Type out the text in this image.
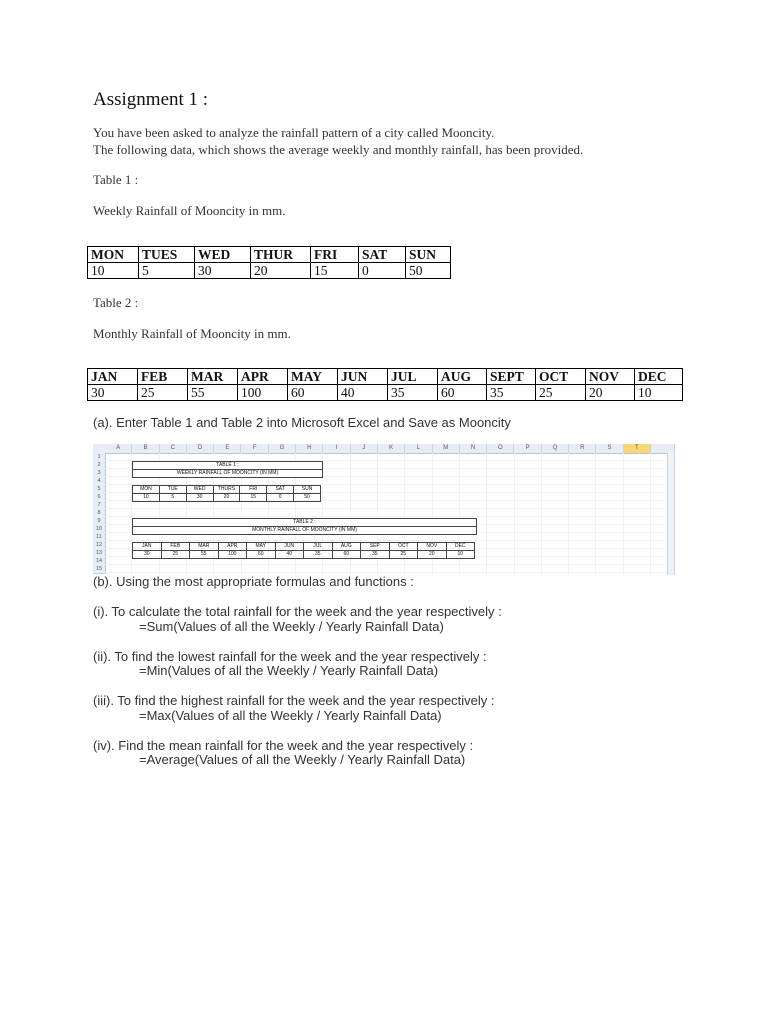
Assignment 1 :
You have been asked to analyze the rainfall pattern of a city called Mooncity.
The following data, which shows the average weekly and monthly rainfall, has been provided.
Table 1 :
Weekly Rainfall of Mooncity in mm.
MON	TUES	WED	THUR	FRI	SAT	SUN
10	5	30	20	15	0	50
Table 2 :
Monthly Rainfall of Mooncity in mm.
JAN	FEB	MAR	APR	MAY	JUN	JUL	AUG	SEPT	OCT	NOV	DEC
30	25	55	100	60	40	35	60	35	25	20	10
(a). Enter Table 1 and Table 2 into Microsoft Excel and Save as Mooncity
A	B	C	D	E	F	G	H	I	J	K	L	M	N	O	P	Q	R	S	T
1
2
3
4
5
6
7
8
9
10
11
12
13
14
15
TABLE 1 :
WEEKLY RAINFALL OF MOONCITY (IN MM)
MON	TUE	WED	THURS	FRI	SAT	SUN
10	5	30	20	15	0	50
TABLE 2 :
MONTHLY RAINFALL OF MOONCITY (IN MM)
JAN	FEB	MAR	APR	MAY	JUN	JUL	AUG	SEP	OCT	NOV	DEC
30	25	55	100	60	40	35	60	35	25	20	10
(b). Using the most appropriate formulas and functions :
(i). To calculate the total rainfall for the week and the year respectively :
=Sum(Values of all the Weekly / Yearly Rainfall Data)
(ii). To find the lowest rainfall for the week and the year respectively :
=Min(Values of all the Weekly / Yearly Rainfall Data)
(iii). To find the highest rainfall for the week and the year respectively :
=Max(Values of all the Weekly / Yearly Rainfall Data)
(iv). Find the mean rainfall for the week and the year respectively :
=Average(Values of all the Weekly / Yearly Rainfall Data)
